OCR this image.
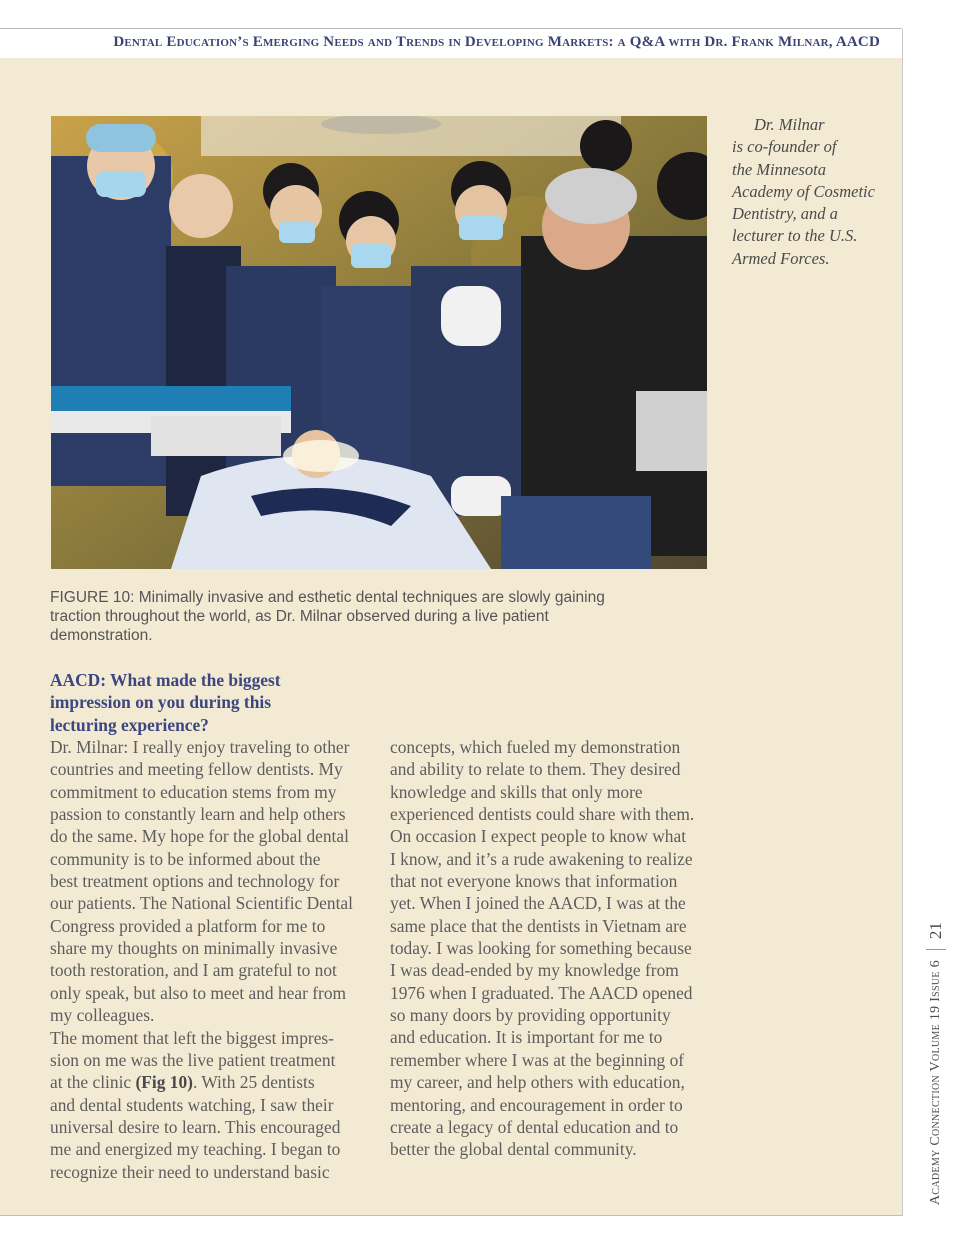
Dental Education’s Emerging Needs and Trends in Developing Markets: a Q&A with Dr. Frank Milnar, AACD
Dr. Milnar
is co-founder of
the Minnesota
Academy of Cosmetic
Dentistry, and a
lecturer to the U.S.
Armed Forces.
FIGURE 10: Minimally invasive and esthetic dental techniques are slowly gaining
traction throughout the world, as Dr. Milnar observed during a live patient
demonstration.
AACD: What made the biggest
impression on you during this
lecturing experience?
Dr. Milnar: I really enjoy traveling to other
countries and meeting fellow dentists. My
commitment to education stems from my
passion to constantly learn and help others
do the same. My hope for the global dental
community is to be informed about the
best treatment options and technology for
our patients. The National Scientific Dental
Congress provided a platform for me to
share my thoughts on minimally invasive
tooth restoration, and I am grateful to not
only speak, but also to meet and hear from
my colleagues.
The moment that left the biggest impres-
sion on me was the live patient treatment
at the clinic (Fig 10). With 25 dentists
and dental students watching, I saw their
universal desire to learn. This encouraged
me and energized my teaching. I began to
recognize their need to understand basic
concepts, which fueled my demonstration
and ability to relate to them. They desired
knowledge and skills that only more
experienced dentists could share with them.
On occasion I expect people to know what
I know, and it’s a rude awakening to realize
that not everyone knows that information
yet. When I joined the AACD, I was at the
same place that the dentists in Vietnam are
today. I was looking for something because
I was dead-ended by my knowledge from
1976 when I graduated. The AACD opened
so many doors by providing opportunity
and education. It is important for me to
remember where I was at the beginning of
my career, and help others with education,
mentoring, and encouragement in order to
create a legacy of dental education and to
better the global dental community.	Academy Connection Volume 19 Issue 6
21
